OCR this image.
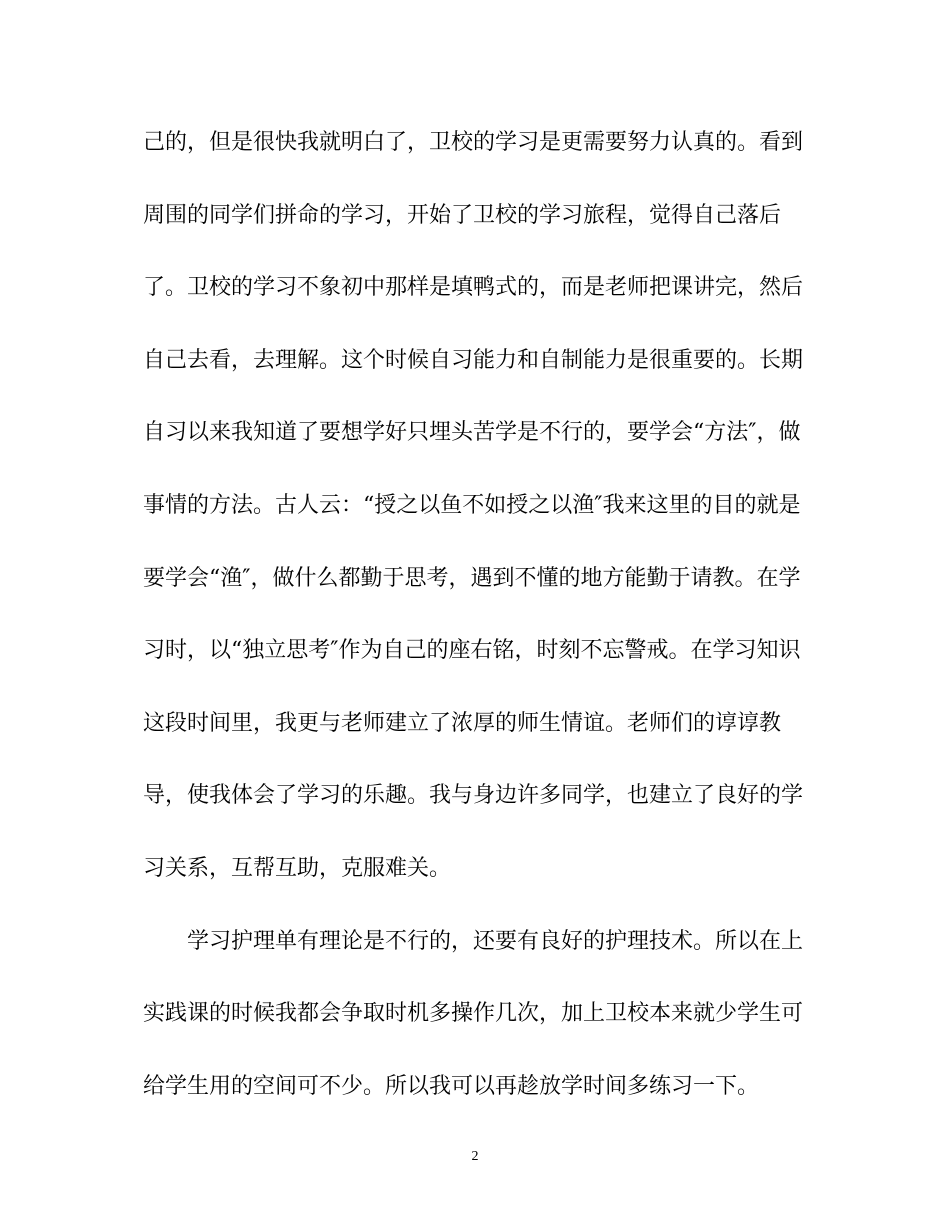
己的，但是很快我就明白了，卫校的学习是更需要努力认真的。看到
周围的同学们拼命的学习，开始了卫校的学习旅程，觉得自己落后
了。卫校的学习不象初中那样是填鸭式的，而是老师把课讲完，然后
自己去看，去理解。这个时候自习能力和自制能力是很重要的。长期
自习以来我知道了要想学好只埋头苦学是不行的，要学会“方法″，做
事情的方法。古人云：“授之以鱼不如授之以渔″我来这里的目的就是
要学会“渔″，做什么都勤于思考，遇到不懂的地方能勤于请教。在学
习时，以“独立思考″作为自己的座右铭，时刻不忘警戒。在学习知识
这段时间里，我更与老师建立了浓厚的师生情谊。老师们的谆谆教
导，使我体会了学习的乐趣。我与身边许多同学，也建立了良好的学
习关系，互帮互助，克服难关。
学习护理单有理论是不行的，还要有良好的护理技术。所以在上
实践课的时候我都会争取时机多操作几次，加上卫校本来就少学生可
给学生用的空间可不少。所以我可以再趁放学时间多练习一下。
2
